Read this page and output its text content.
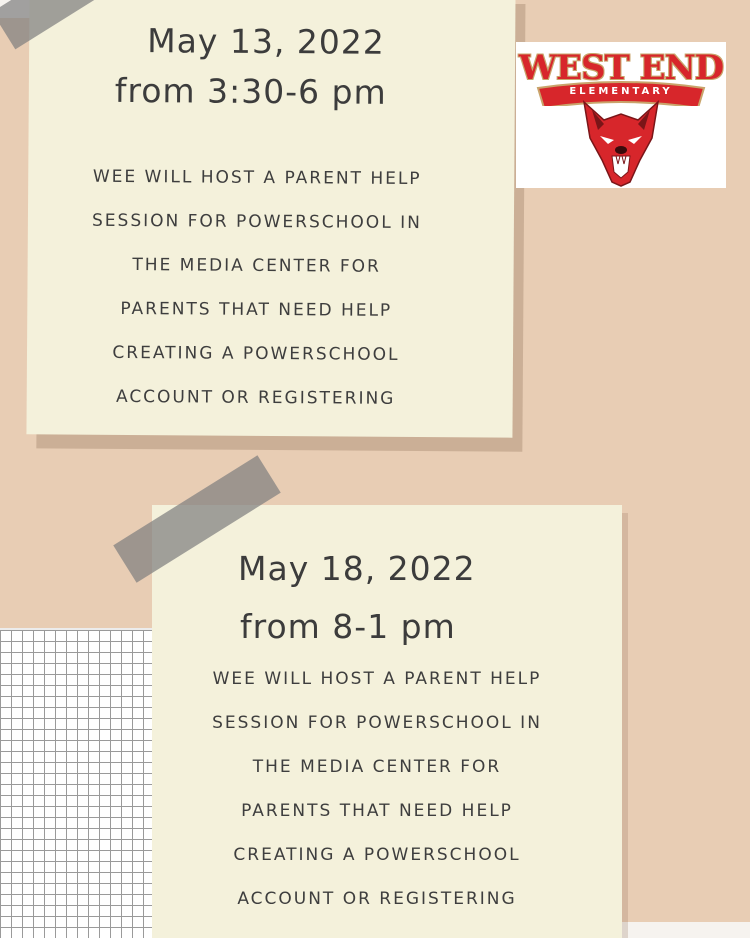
May 13, 2022
from 3:30-6 pm
WEE WILL HOST A PARENT HELP
SESSION FOR POWERSCHOOL IN
THE MEDIA CENTER FOR
PARENTS THAT NEED HELP
CREATING A POWERSCHOOL
ACCOUNT OR REGISTERING
May 18, 2022
from 8-1 pm
WEE WILL HOST A PARENT HELP
SESSION FOR POWERSCHOOL IN
THE MEDIA CENTER FOR
PARENTS THAT NEED HELP
CREATING A POWERSCHOOL
ACCOUNT OR REGISTERING
WEST END
ELEMENTARY
